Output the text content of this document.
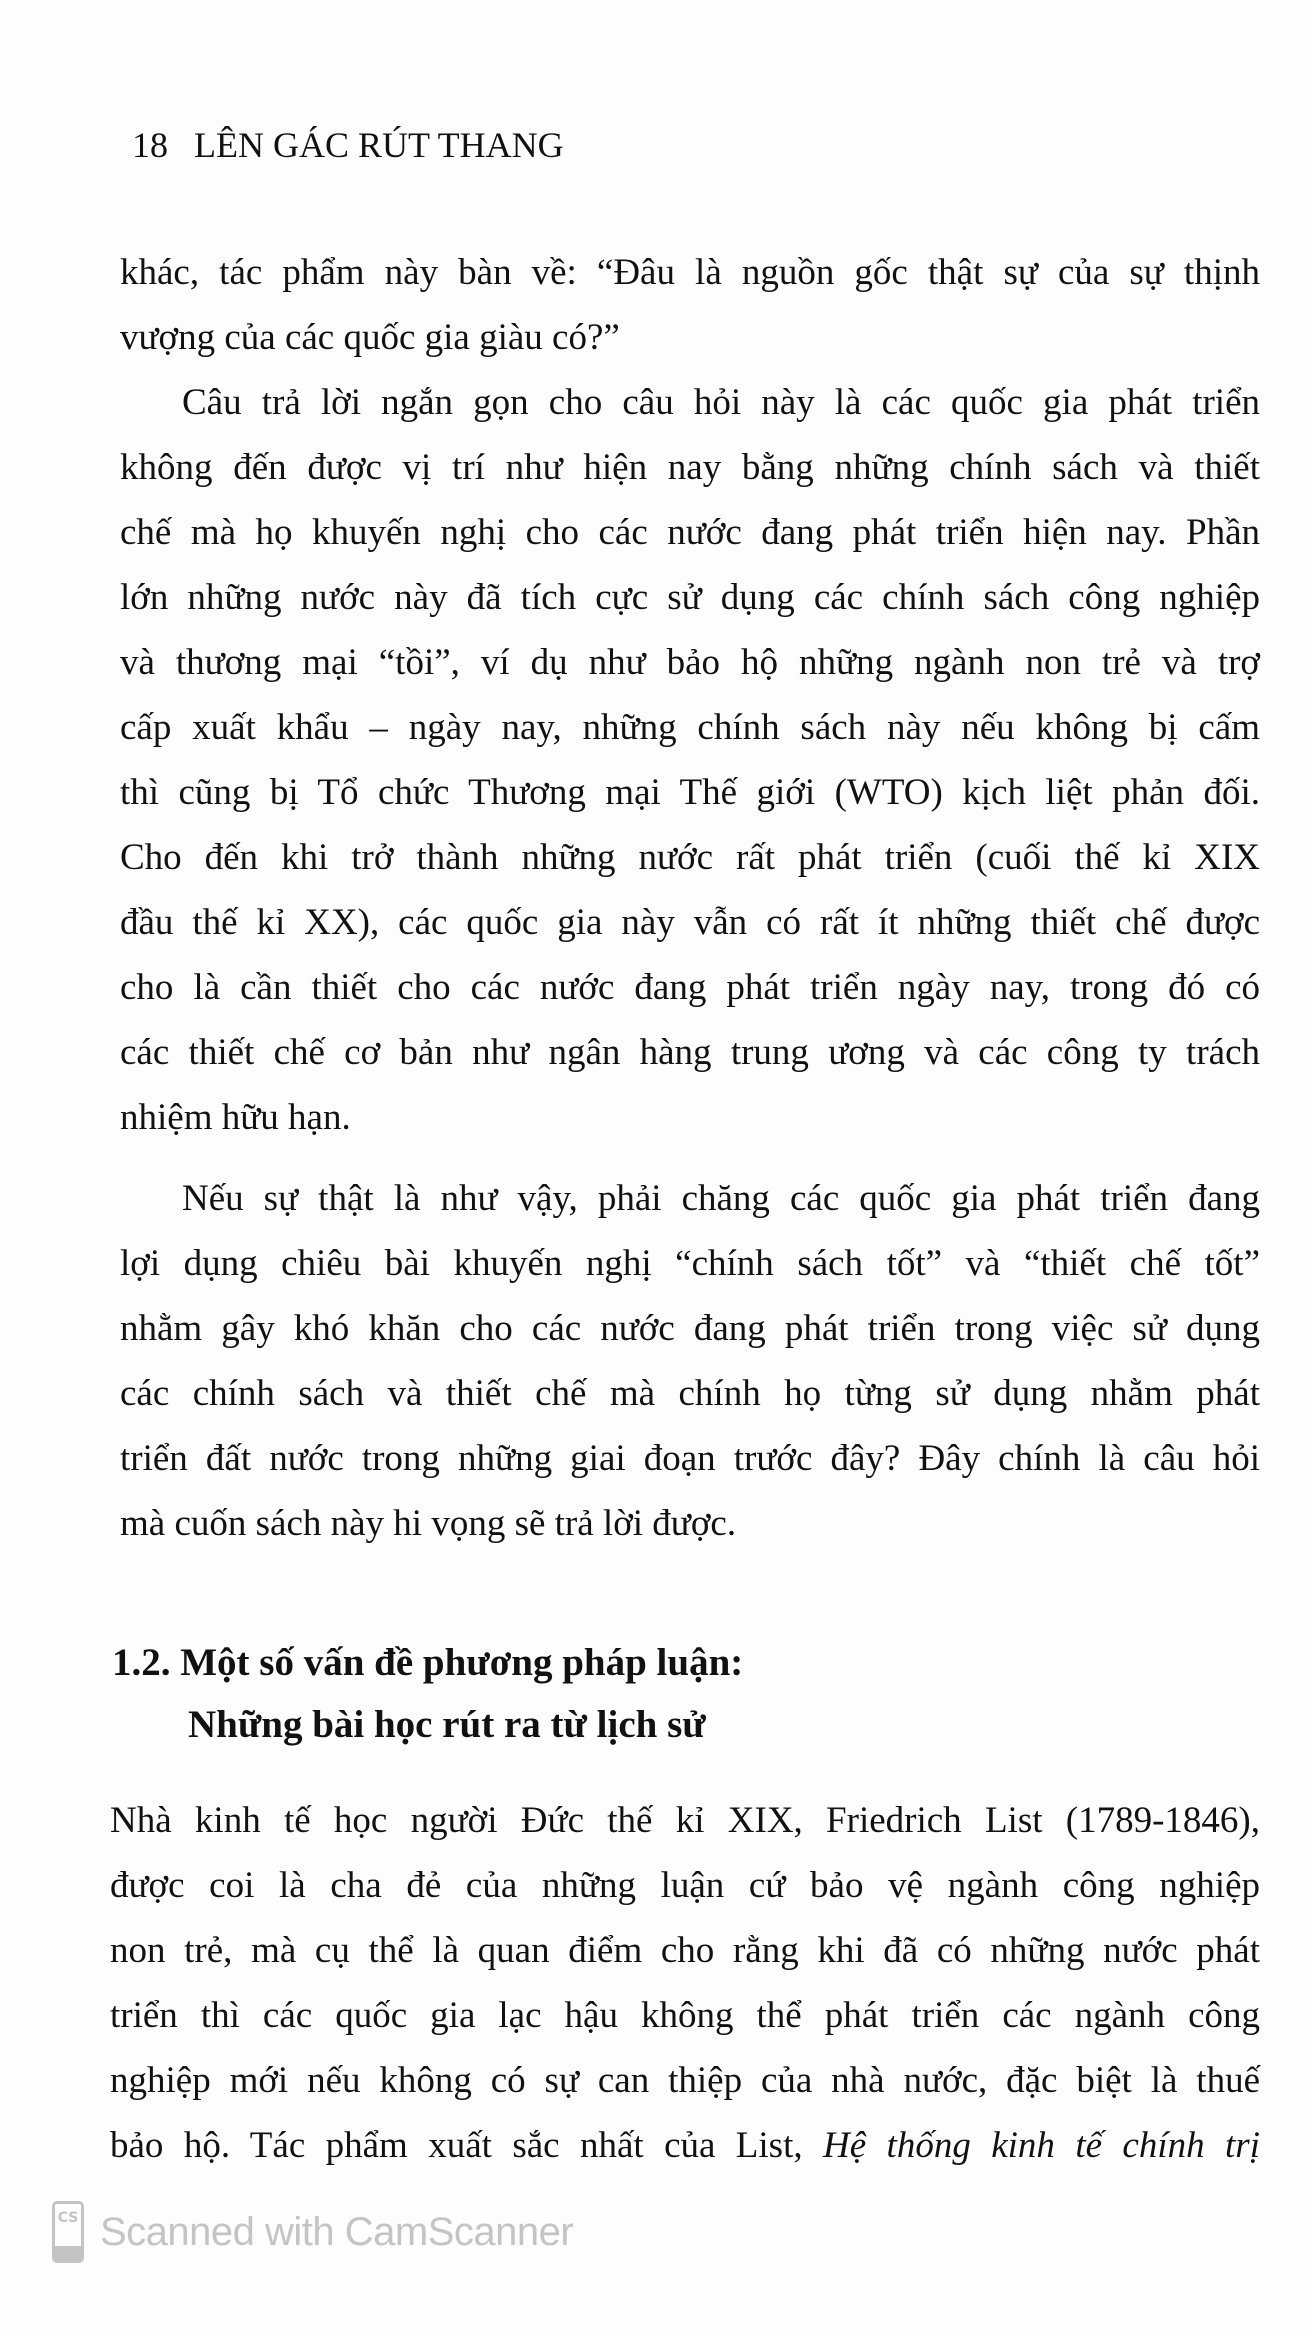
18 LÊN GÁC RÚT THANG
khác, tác phẩm này bàn về: “Đâu là nguồn gốc thật sự của sự thịnh
vượng của các quốc gia giàu có?”
Câu trả lời ngắn gọn cho câu hỏi này là các quốc gia phát triển
không đến được vị trí như hiện nay bằng những chính sách và thiết
chế mà họ khuyến nghị cho các nước đang phát triển hiện nay. Phần
lớn những nước này đã tích cực sử dụng các chính sách công nghiệp
và thương mại “tồi”, ví dụ như bảo hộ những ngành non trẻ và trợ
cấp xuất khẩu – ngày nay, những chính sách này nếu không bị cấm
thì cũng bị Tổ chức Thương mại Thế giới (WTO) kịch liệt phản đối.
Cho đến khi trở thành những nước rất phát triển (cuối thế kỉ XIX
đầu thế kỉ XX), các quốc gia này vẫn có rất ít những thiết chế được
cho là cần thiết cho các nước đang phát triển ngày nay, trong đó có
các thiết chế cơ bản như ngân hàng trung ương và các công ty trách
nhiệm hữu hạn.
Nếu sự thật là như vậy, phải chăng các quốc gia phát triển đang
lợi dụng chiêu bài khuyến nghị “chính sách tốt” và “thiết chế tốt”
nhằm gây khó khăn cho các nước đang phát triển trong việc sử dụng
các chính sách và thiết chế mà chính họ từng sử dụng nhằm phát
triển đất nước trong những giai đoạn trước đây? Đây chính là câu hỏi
mà cuốn sách này hi vọng sẽ trả lời được.
1.2. Một số vấn đề phương pháp luận:
Những bài học rút ra từ lịch sử
Nhà kinh tế học người Đức thế kỉ XIX, Friedrich List (1789-1846),
được coi là cha đẻ của những luận cứ bảo vệ ngành công nghiệp
non trẻ, mà cụ thể là quan điểm cho rằng khi đã có những nước phát
triển thì các quốc gia lạc hậu không thể phát triển các ngành công
nghiệp mới nếu không có sự can thiệp của nhà nước, đặc biệt là thuế
bảo hộ. Tác phẩm xuất sắc nhất của List, Hệ thống kinh tế chính trị
CS Scanned with CamScanner
